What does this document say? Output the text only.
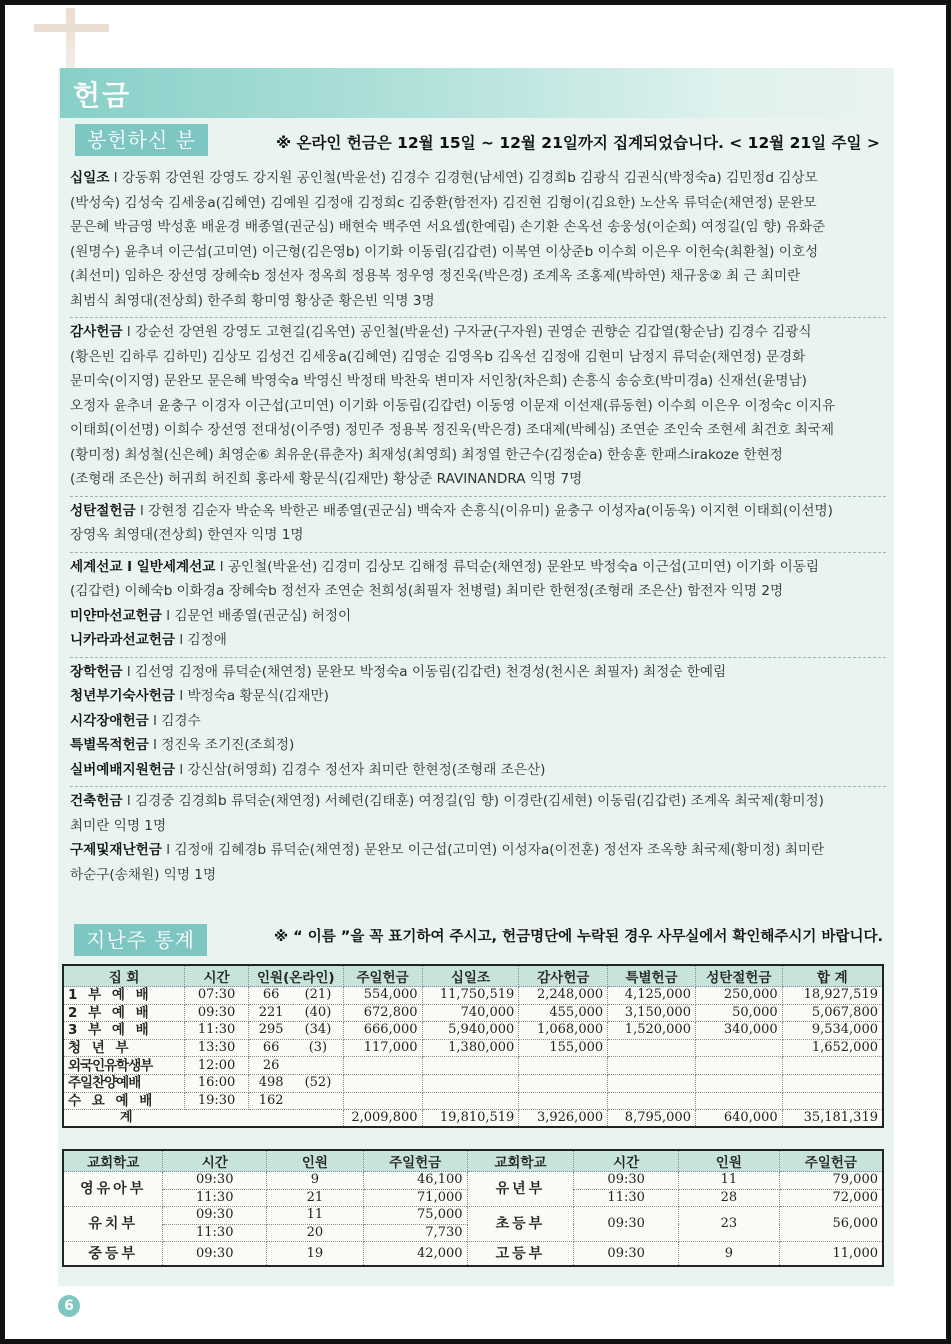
헌금
봉헌하신 분	※ 온라인 헌금은 12월 15일 ~ 12월 21일까지 집계되었습니다. < 12월 21일 주일 >
십일조 l 강동휘 강연원 강영도 강지원 공인철(박윤선) 김경수 김경현(남세연) 김경희b 김광식 김권식(박정숙a) 김민정d 김상모
(박성숙) 김성숙 김세웅a(김혜연) 김예원 김정애 김정희c 김중환(함전자) 김진현 김형이(김요한) 노산옥 류덕순(채연정) 문완모
문은혜 박금영 박성훈 배윤경 배종열(권군심) 배현숙 백주연 서요셉(한예림) 손기환 손옥선 송웅성(이순희) 여정길(임 향) 유화준
(원명수) 윤추녀 이근섭(고미연) 이근형(김은영b) 이기화 이동림(김갑련) 이복연 이상준b 이수희 이은우 이헌숙(최환철) 이호성
(최선미) 임하은 장선영 장혜숙b 정선자 정옥희 정용복 정우영 정진욱(박은경) 조계옥 조홍제(박하연) 채규웅② 최 근 최미란
최범식 최영대(전상희) 한주희 황미영 황상준 황은빈 익명 3명
감사헌금 l 강순선 강연원 강영도 고현길(김옥연) 공인철(박윤선) 구자균(구자원) 권영순 권향순 김갑열(황순남) 김경수 김광식
(황은빈 김하루 김하민) 김상모 김성건 김세웅a(김혜연) 김영순 김영옥b 김옥선 김정애 김현미 남정지 류덕순(채연정) 문경화
문미숙(이지영) 문완모 문은혜 박영숙a 박영신 박정태 박찬욱 변미자 서인창(차은희) 손흥식 송승호(박미경a) 신재선(윤명남)
오정자 윤추녀 윤충구 이경자 이근섭(고미연) 이기화 이동림(김갑련) 이동영 이문재 이선재(류동현) 이수희 이은우 이정숙c 이지유
이태희(이선명) 이희수 장선영 전대성(이주영) 정민주 정용복 정진욱(박은경) 조대제(박혜심) 조연순 조인숙 조현세 최건호 최국제
(황미정) 최성철(신은혜) 최영순⑥ 최유운(류춘자) 최재성(최영희) 최정열 한근수(김정순a) 한송훈 한패스irakoze 한현정
(조형래 조은산) 허귀희 허진희 홍라세 황문식(김재만) 황상준 RAVINANDRA 익명 7명
성탄절헌금 l 강현정 김순자 박순옥 박한곤 배종열(권군심) 백숙자 손흥식(이유미) 윤충구 이성자a(이동욱) 이지현 이태희(이선명)
장영옥 최영대(전상희) 한연자 익명 1명
세계선교 l 일반세계선교 l 공인철(박윤선) 김경미 김상모 김해정 류덕순(채연정) 문완모 박정숙a 이근섭(고미연) 이기화 이동림
(김갑련) 이혜숙b 이화경a 장혜숙b 정선자 조연순 천희성(최필자 천병렬) 최미란 한현정(조형래 조은산) 함전자 익명 2명
미얀마선교헌금 l 김문언 배종열(권군심) 허정이
니카라과선교헌금 l 김정애
장학헌금 l 김선영 김정애 류덕순(채연정) 문완모 박정숙a 이동림(김갑련) 천경성(천시온 최필자) 최정순 한예림
청년부기숙사헌금 l 박정숙a 황문식(김재만)
시각장애헌금 l 김경수
특별목적헌금 l 정진욱 조기진(조희정)
실버예배지원헌금 l 강신삼(허영희) 김경수 정선자 최미란 한현정(조형래 조은산)
건축헌금 l 김경중 김경희b 류덕순(채연정) 서혜련(김태훈) 여정길(임 향) 이경란(김세현) 이동림(김갑련) 조계옥 최국제(황미정)
최미란 익명 1명
구제및재난헌금 l 김정애 김혜경b 류덕순(채연정) 문완모 이근섭(고미연) 이성자a(이전훈) 정선자 조옥향 최국제(황미정) 최미란
하순구(송채원) 익명 1명
지난주 통계	※ “ 이름 ”을 꼭 표기하여 주시고, 헌금명단에 누락된 경우 사무실에서 확인해주시기 바랍니다.
집 회	시간	인원(온라인)		주일헌금	십일조	감사헌금	특별헌금	성탄절헌금	합 계
1 부 예 배	07:30	66	(21)	554,000	11,750,519	2,248,000	4,125,000	250,000	18,927,519
2 부 예 배	09:30	221	(40)	672,800	740,000	455,000	3,150,000	50,000	5,067,800
3 부 예 배	11:30	295	(34)	666,000	5,940,000	1,068,000	1,520,000	340,000	9,534,000
청 년 부	13:30	66	(3)	117,000	1,380,000	155,000			1,652,000
외국인유학생부	12:00	26							
주일찬양예배	16:00	498	(52)						
수 요 예 배	19:30	162							
계				2,009,800	19,810,519	3,926,000	8,795,000	640,000	35,181,319
교회학교	시간	인원	주일헌금	교회학교	시간	인원	주일헌금
영유아부	09:30	9	46,100	유년부	09:30	11	79,000
	11:30	21	71,000		11:30	28	72,000
유치부	09:30	11	75,000	초등부	09:30	23	56,000
	11:30	20	7,730				
중등부	09:30	19	42,000	고등부	09:30	9	11,000
6
